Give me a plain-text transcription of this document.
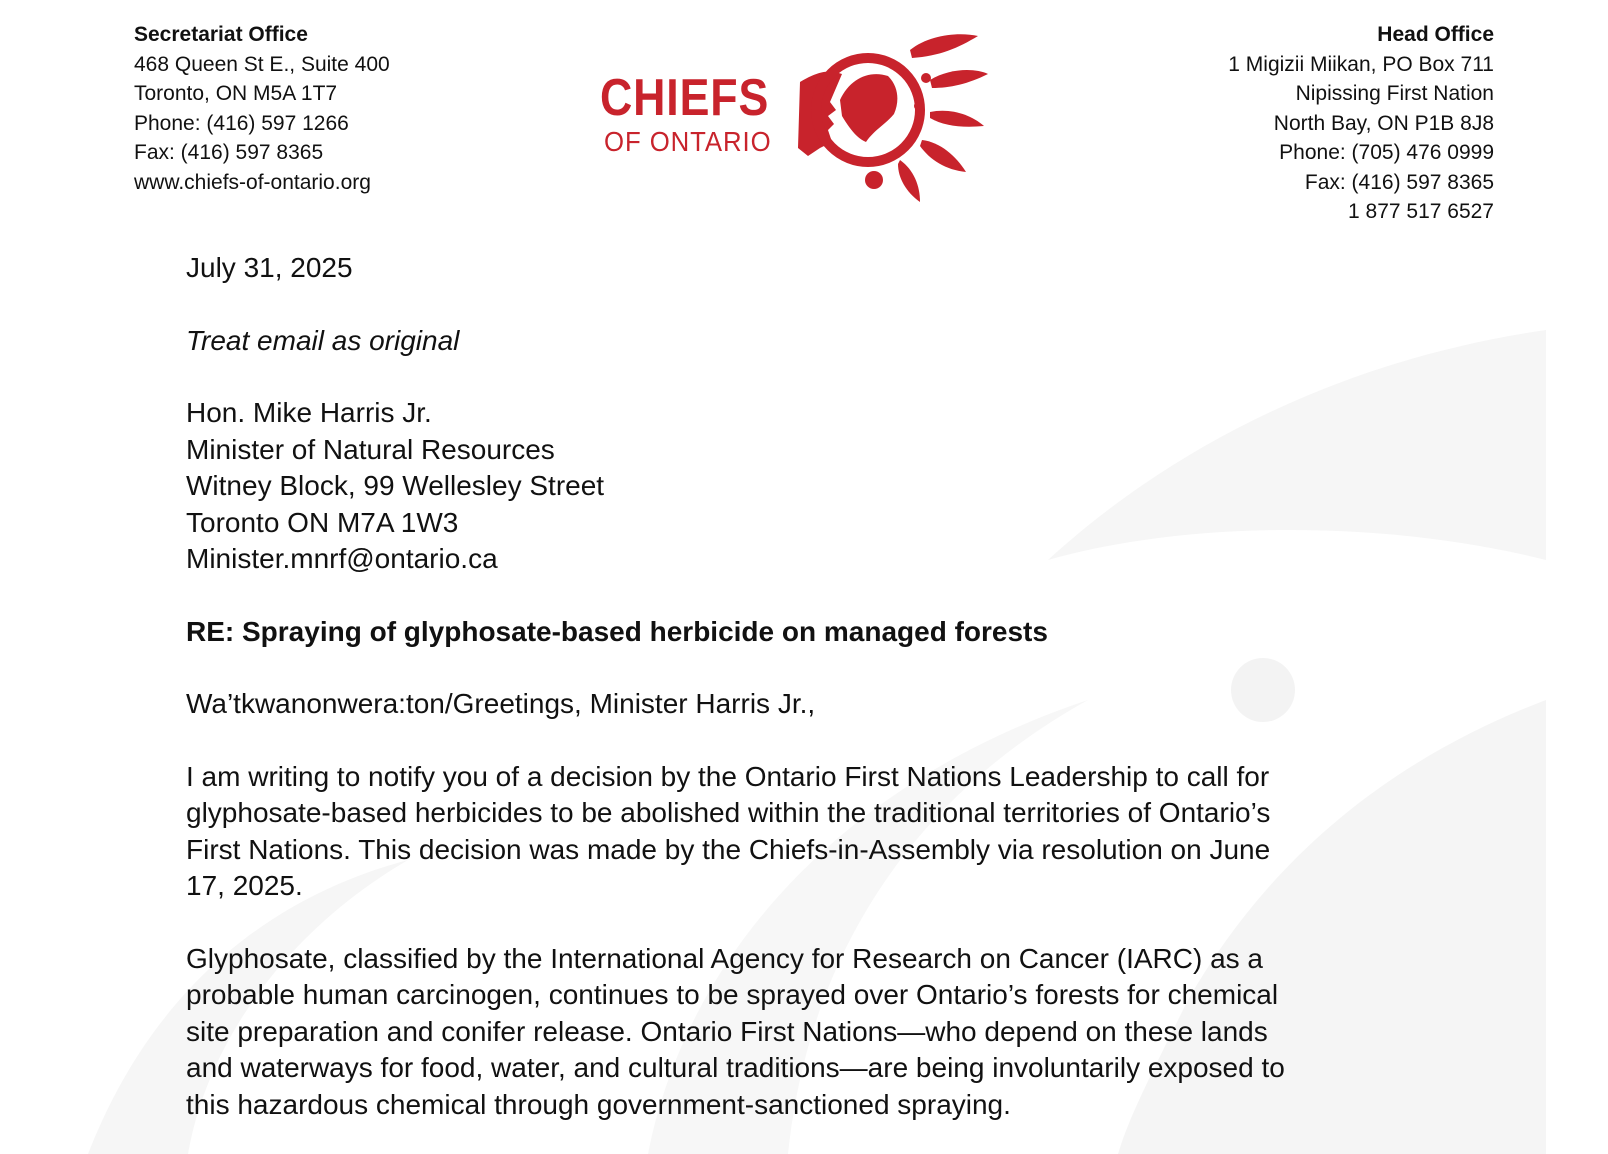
Secretariat Office
468 Queen St E., Suite 400
Toronto, ON M5A 1T7
Phone: (416) 597 1266
Fax: (416) 597 8365
www.chiefs-of-ontario.org
CHIEFS
OF ONTARIO
Head Office
1 Migizii Miikan, PO Box 711
Nipissing First Nation
North Bay, ON P1B 8J8
Phone: (705) 476 0999
Fax: (416) 597 8365
1 877 517 6527

July 31, 2025

Treat email as original

Hon. Mike Harris Jr.
Minister of Natural Resources
Witney Block, 99 Wellesley Street
Toronto ON M7A 1W3
Minister.mnrf@ontario.ca

RE: Spraying of glyphosate-based herbicide on managed forests

Wa’tkwanonwera:ton/Greetings, Minister Harris Jr.,

I am writing to notify you of a decision by the Ontario First Nations Leadership to call for
glyphosate-based herbicides to be abolished within the traditional territories of Ontario’s
First Nations. This decision was made by the Chiefs-in-Assembly via resolution on June
17, 2025.
Glyphosate, classified by the International Agency for Research on Cancer (IARC) as a
probable human carcinogen, continues to be sprayed over Ontario’s forests for chemical
site preparation and conifer release. Ontario First Nations—who depend on these lands
and waterways for food, water, and cultural traditions—are being involuntarily exposed to
this hazardous chemical through government-sanctioned spraying.
